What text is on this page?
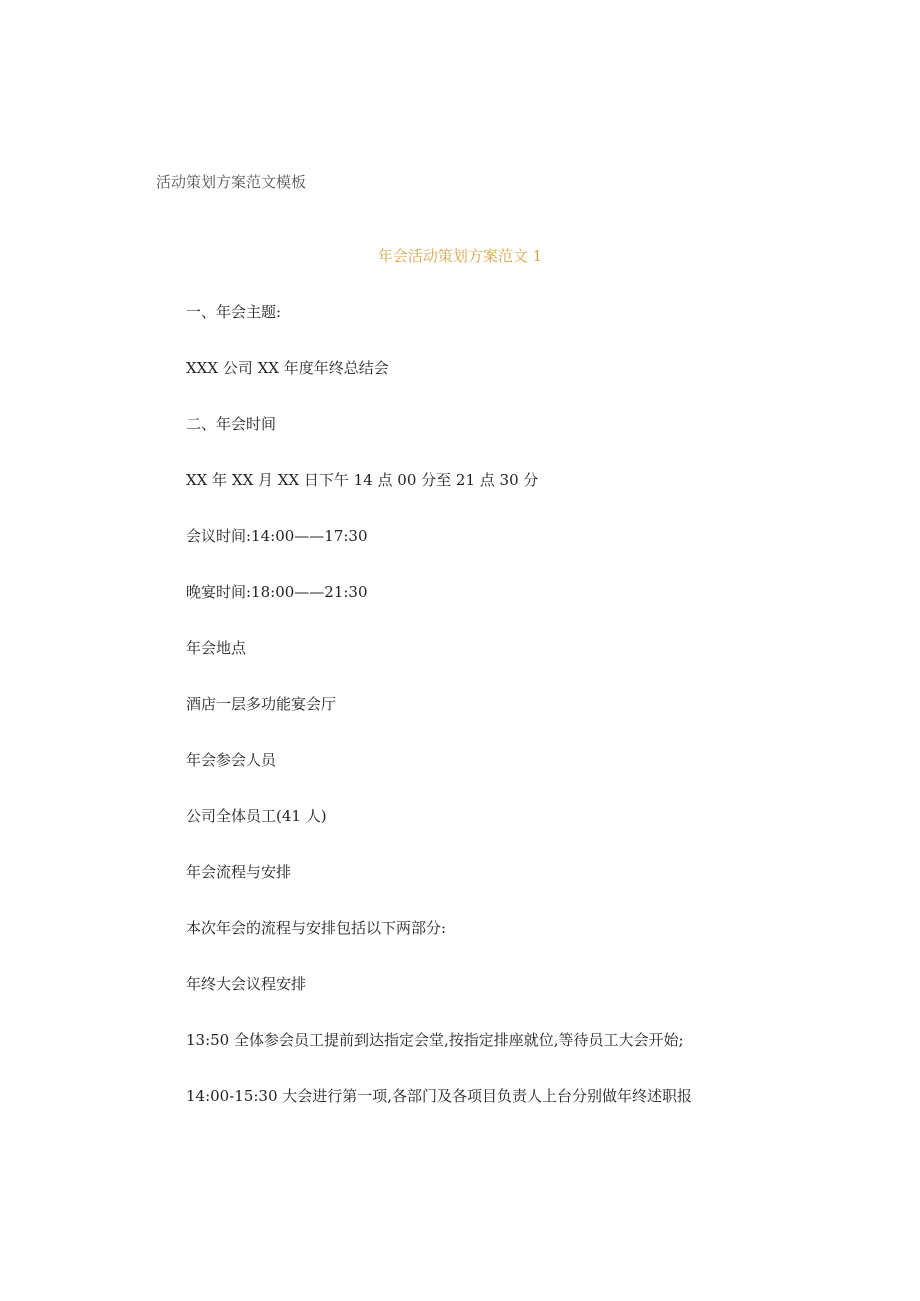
活动策划方案范文模板
年会活动策划方案范文 1
一、年会主题:
XXX 公司 XX 年度年终总结会
二、年会时间
XX 年 XX 月 XX 日下午 14 点 00 分至 21 点 30 分
会议时间:14:00——17:30
晚宴时间:18:00——21:30
年会地点
酒店一层多功能宴会厅
年会参会人员
公司全体员工(41 人)
年会流程与安排
本次年会的流程与安排包括以下两部分:
年终大会议程安排
13:50 全体参会员工提前到达指定会堂,按指定排座就位,等待员工大会开始;
14:00-15:30 大会进行第一项,各部门及各项目负责人上台分别做年终述职报
